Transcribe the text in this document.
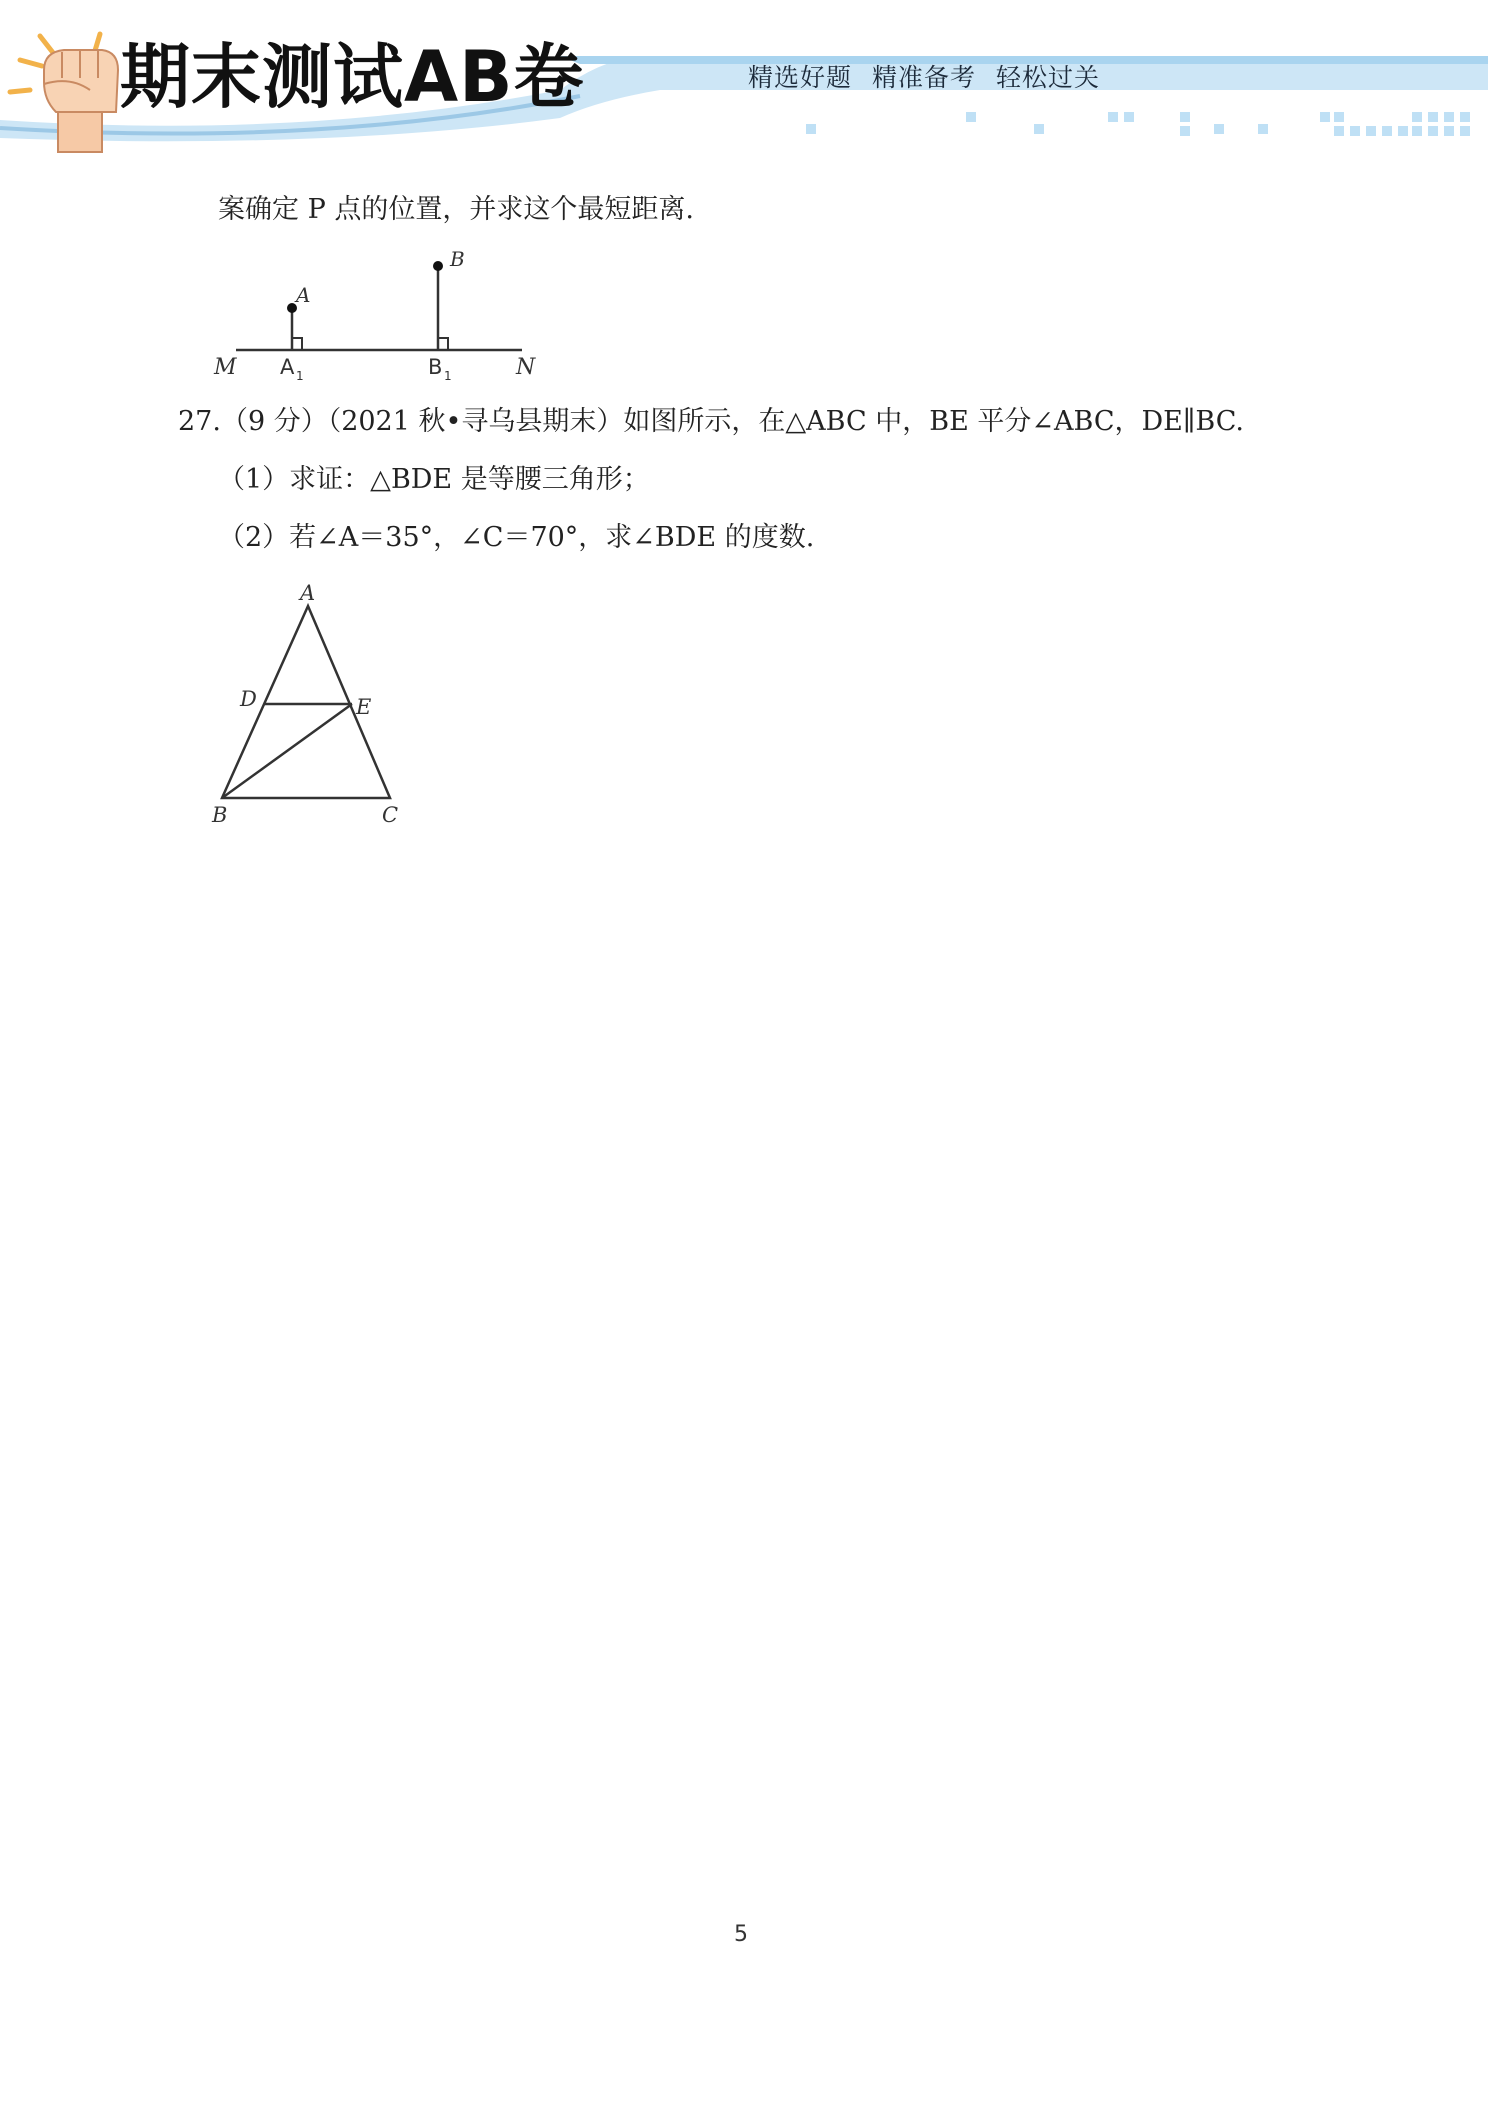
期末测试AB卷	精选好题 精准备考 轻松过关
案确定 P 点的位置，并求这个最短距离.
M	N
A
B
A 1	B 1
27.（9 分）（2021 秋•寻乌县期末）如图所示，在△ABC 中，BE 平分∠ABC，DE∥BC.
（1）求证：△BDE 是等腰三角形；
（2）若∠A＝35°，∠C＝70°，求∠BDE 的度数.
A
D	E
B	C
5
